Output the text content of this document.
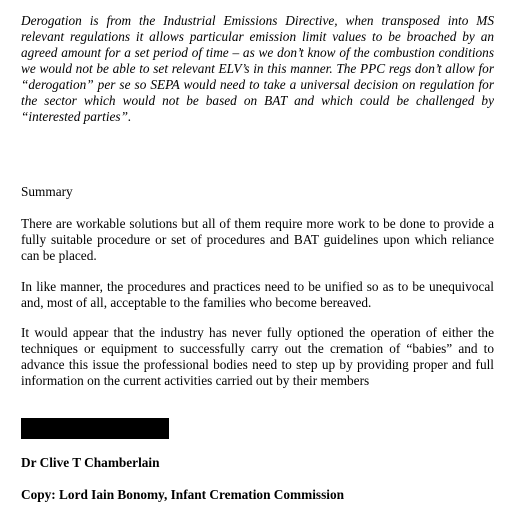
Derogation is from the Industrial Emissions Directive, when transposed into MS relevant regulations it allows particular emission limit values to be broached by an agreed amount for a set period of time – as we don’t know of the combustion conditions we would not be able to set relevant ELV’s in this manner. The PPC regs don’t allow for “derogation” per se so SEPA would need to take a universal decision on regulation for the sector which would not be based on BAT and which could be challenged by “interested parties”.

Summary

There are workable solutions but all of them require more work to be done to provide a fully suitable procedure or set of procedures and BAT guidelines upon which reliance can be placed.

In like manner, the procedures and practices need to be unified so as to be unequivocal and, most of all, acceptable to the families who become bereaved.

It would appear that the industry has never fully optioned the operation of either the techniques or equipment to successfully carry out the cremation of “babies” and to advance this issue the professional bodies need to step up by providing proper and full information on the current activities carried out by their members

Dr Clive T Chamberlain

Copy: Lord Iain Bonomy, Infant Cremation Commission
